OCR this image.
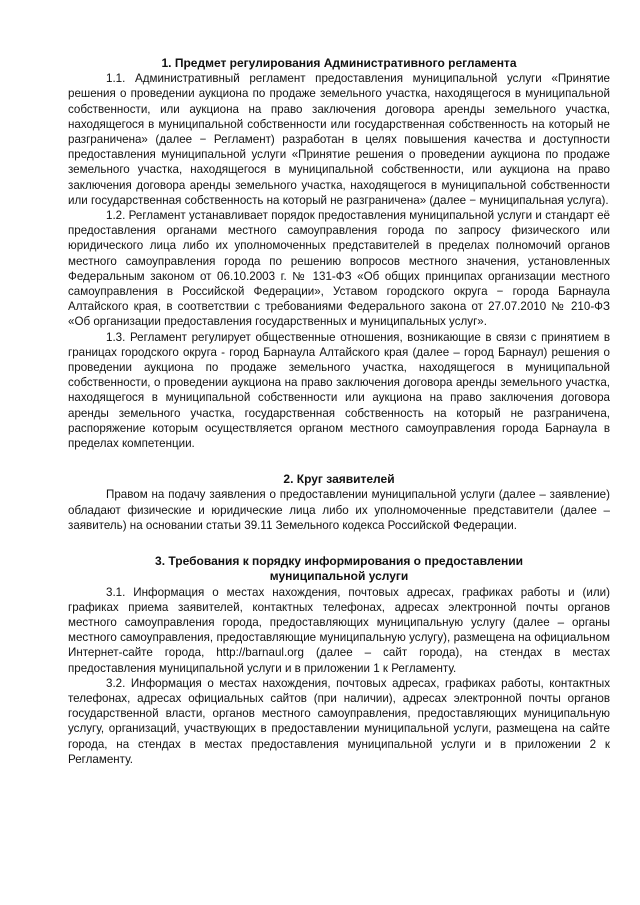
1. Предмет регулирования Административного регламента

1.1. Административный регламент предоставления муниципальной услуги «Принятие решения о проведении аукциона по продаже земельного участка, находящегося в муниципальной собственности, или аукциона на право заключения договора аренды земельного участка, находящегося в муниципальной собственности или государственная собственность на который не разграничена» (далее − Регламент) разработан в целях повышения качества и доступности предоставления муниципальной услуги «Принятие решения о проведении аукциона по продаже земельного участка, находящегося в муниципальной собственности, или аукциона на право заключения договора аренды земельного участка, находящегося в муниципальной собственности или государственная собственность на который не разграничена» (далее − муниципальная услуга).

1.2. Регламент устанавливает порядок предоставления муниципальной услуги и стандарт её предоставления органами местного самоуправления города по запросу физического или юридического лица либо их уполномоченных представителей в пределах полномочий органов местного самоуправления города по решению вопросов местного значения, установленных Федеральным законом от 06.10.2003 г. № 131-ФЗ «Об общих принципах организации местного самоуправления в Российской Федерации», Уставом городского округа − города Барнаула Алтайского края, в соответствии с требованиями Федерального закона от 27.07.2010 № 210-ФЗ «Об организации предоставления государственных и муниципальных услуг».

1.3. Регламент регулирует общественные отношения, возникающие в связи с принятием в границах городского округа - город Барнаула Алтайского края (далее – город Барнаул) решения о проведении аукциона по продаже земельного участка, находящегося в муниципальной собственности, о проведении аукциона на право заключения договора аренды земельного участка, находящегося в муниципальной собственности или аукциона на право заключения договора аренды земельного участка, государственная собственность на который не разграничена, распоряжение которым осуществляется органом местного самоуправления города Барнаула в пределах компетенции.

2. Круг заявителей

Правом на подачу заявления о предоставлении муниципальной услуги (далее – заявление) обладают физические и юридические лица либо их уполномоченные представители (далее – заявитель) на основании статьи 39.11 Земельного кодекса Российской Федерации.

3. Требования к порядку информирования о предоставлении
муниципальной услуги

3.1. Информация о местах нахождения, почтовых адресах, графиках работы и (или) графиках приема заявителей, контактных телефонах, адресах электронной почты органов местного самоуправления города, предоставляющих муниципальную услугу (далее – органы местного самоуправления, предоставляющие муниципальную услугу), размещена на официальном Интернет-сайте города, http://barnaul.org (далее – сайт города), на стендах в местах предоставления муниципальной услуги и в приложении 1 к Регламенту.

3.2. Информация о местах нахождения, почтовых адресах, графиках работы, контактных телефонах, адресах официальных сайтов (при наличии), адресах электронной почты органов государственной власти, органов местного самоуправления, предоставляющих муниципальную услугу, организаций, участвующих в предоставлении муниципальной услуги, размещена на сайте города, на стендах в местах предоставления муниципальной услуги и в приложении 2 к Регламенту.
